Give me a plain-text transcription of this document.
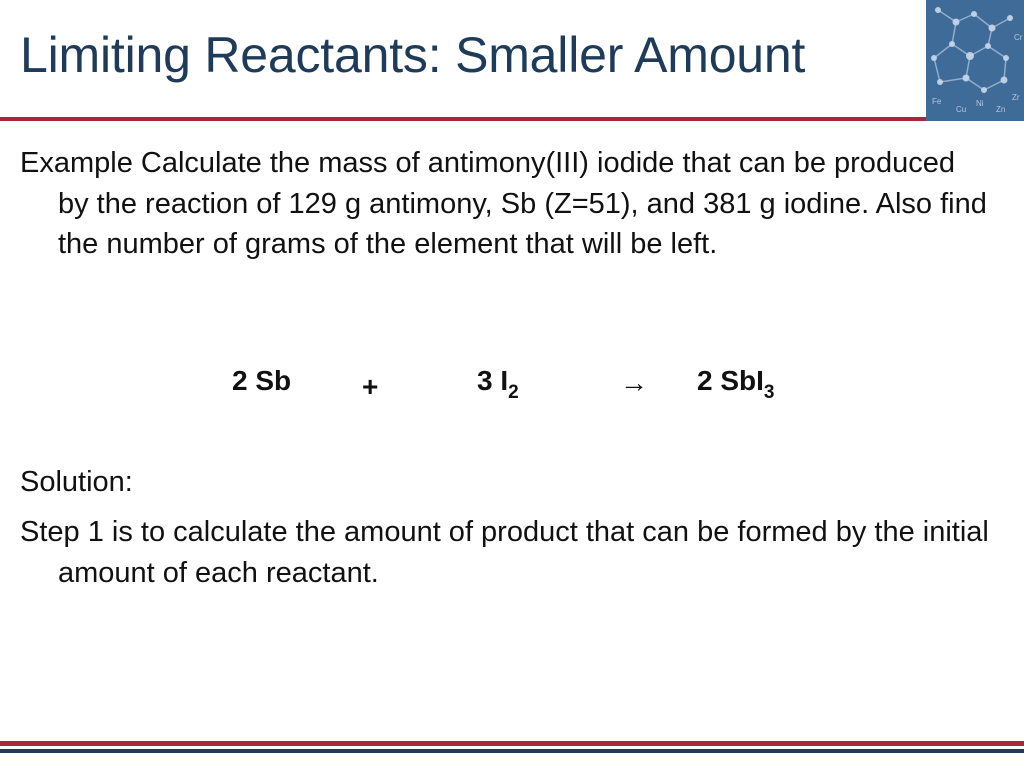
Limiting Reactants: Smaller Amount
Cu
Ni
Zr
Fe
Zn
Cr

Example Calculate the mass of antimony(III) iodide that can be produced by the reaction of 129 g antimony, Sb (Z=51), and 381 g iodine. Also find the number of grams of the element that will be left.

2 Sb	+	3 $I_2$	→ 2 SbI$_3$

Solution:

Step 1 is to calculate the amount of product that can be formed by the initial amount of each reactant.
